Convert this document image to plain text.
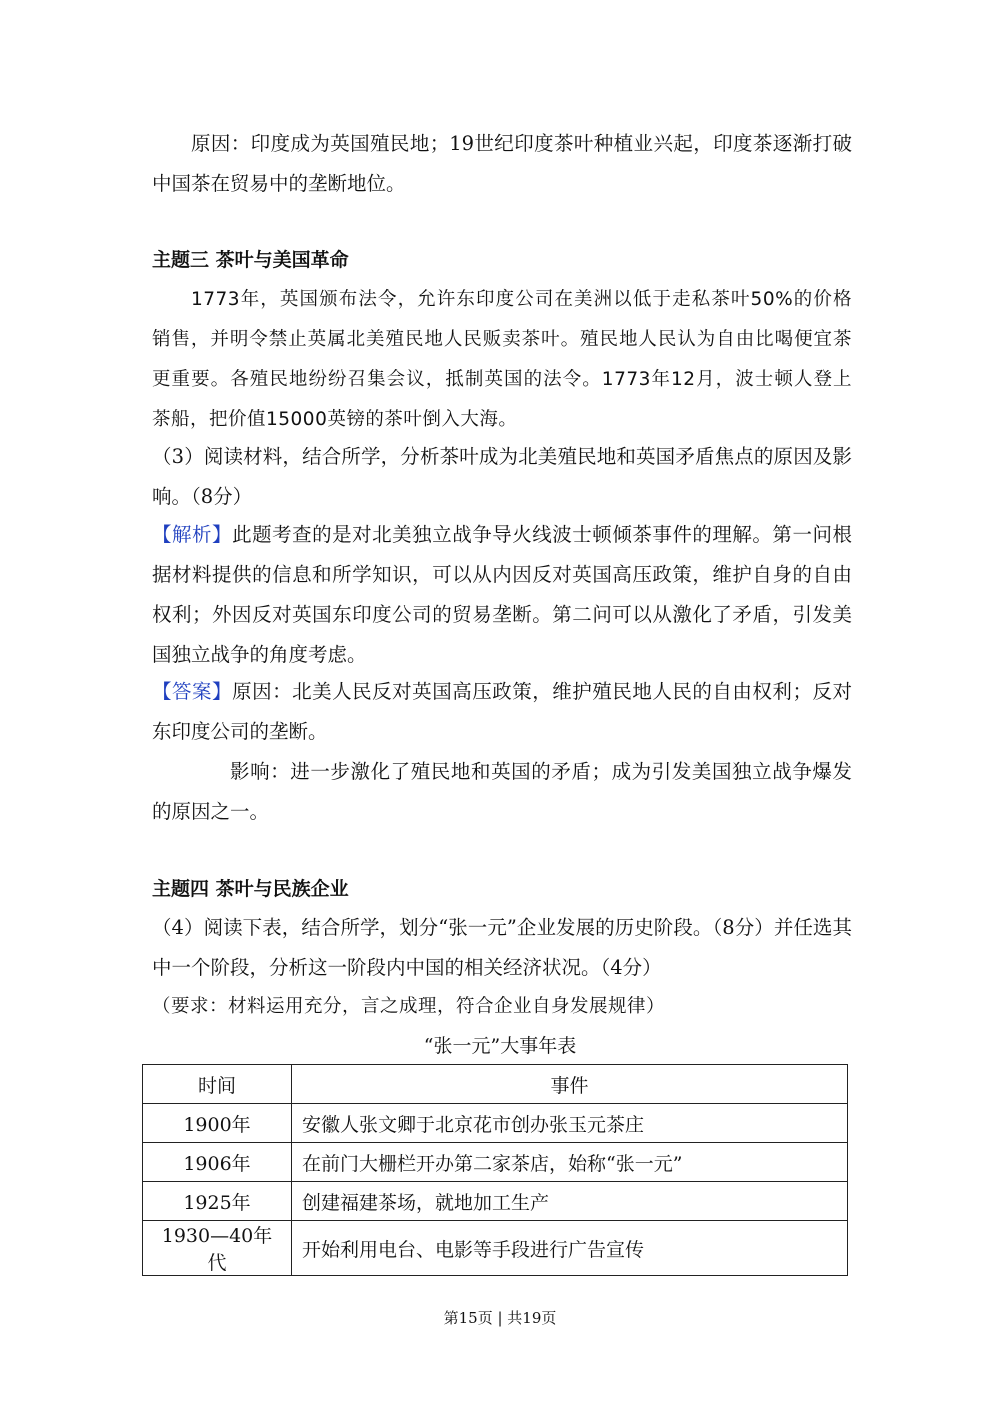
原因：印度成为英国殖民地；19世纪印度茶叶种植业兴起，印度茶逐渐打破中国茶在贸易中的垄断地位。

主题三 茶叶与美国革命

1773年，英国颁布法令，允许东印度公司在美洲以低于走私茶叶50%的价格销售，并明令禁止英属北美殖民地人民贩卖茶叶。殖民地人民认为自由比喝便宜茶更重要。各殖民地纷纷召集会议，抵制英国的法令。1773年12月，波士顿人登上茶船，把价值15000英镑的茶叶倒入大海。

（3）阅读材料，结合所学，分析茶叶成为北美殖民地和英国矛盾焦点的原因及影响。（8分）

【解析】此题考查的是对北美独立战争导火线波士顿倾茶事件的理解。第一问根据材料提供的信息和所学知识，可以从内因反对英国高压政策，维护自身的自由权利；外因反对英国东印度公司的贸易垄断。第二问可以从激化了矛盾，引发美国独立战争的角度考虑。

【答案】原因：北美人民反对英国高压政策，维护殖民地人民的自由权利；反对东印度公司的垄断。

影响：进一步激化了殖民地和英国的矛盾；成为引发美国独立战争爆发的原因之一。

主题四 茶叶与民族企业

（4）阅读下表，结合所学，划分“张一元”企业发展的历史阶段。（8分）并任选其中一个阶段，分析这一阶段内中国的相关经济状况。（4分）

（要求：材料运用充分，言之成理，符合企业自身发展规律）

“张一元”大事年表
时间	事件
1900年	安徽人张文卿于北京花市创办张玉元茶庄
1906年	在前门大栅栏开办第二家茶店，始称“张一元”
1925年	创建福建茶场，就地加工生产
1930—40年代	开始利用电台、电影等手段进行广告宣传
第15页 | 共19页
